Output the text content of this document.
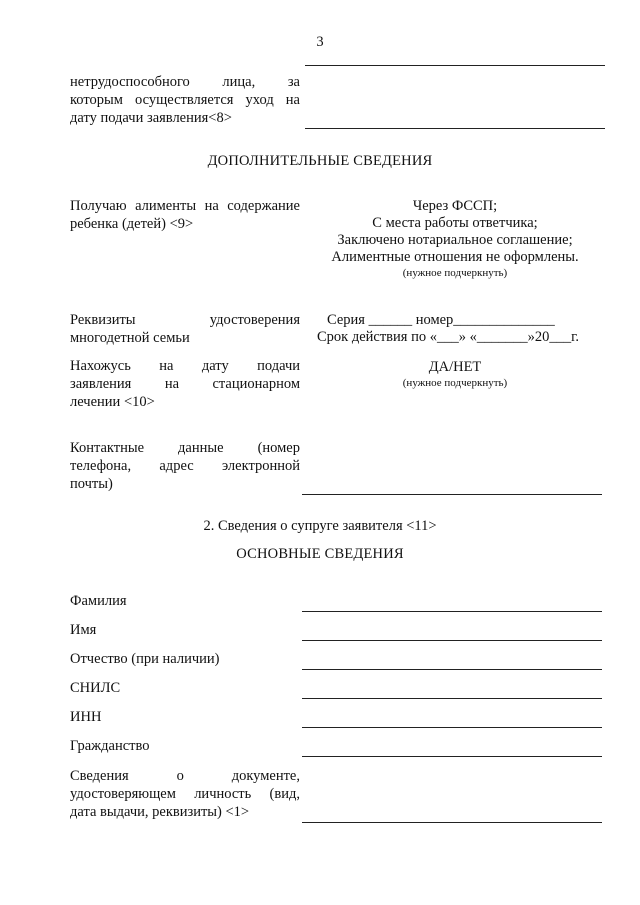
3
нетрудоспособного лица, за
которым осуществляется уход на
дату подачи заявления<8>
ДОПОЛНИТЕЛЬНЫЕ СВЕДЕНИЯ
Получаю алименты на содержание
ребенка (детей) <9>
Через ФССП;
С места работы ответчика;
Заключено нотариальное соглашение;
Алиментные отношения не оформлены.
(нужное подчеркнуть)
Реквизиты удостоверения
многодетной семьи
Серия ______ номер______________
Срок действия по «___» «_______»20___г.
Нахожусь на дату подачи
заявления на стационарном
лечении <10>
ДА/НЕТ
(нужное подчеркнуть)
Контактные данные (номер
телефона, адрес электронной
почты)
2. Сведения о супруге заявителя <11>
ОСНОВНЫЕ СВЕДЕНИЯ
Фамилия
Имя
Отчество (при наличии)
СНИЛС
ИНН
Гражданство
Сведения о документе,
удостоверяющем личность (вид,
дата выдачи, реквизиты) <1>
